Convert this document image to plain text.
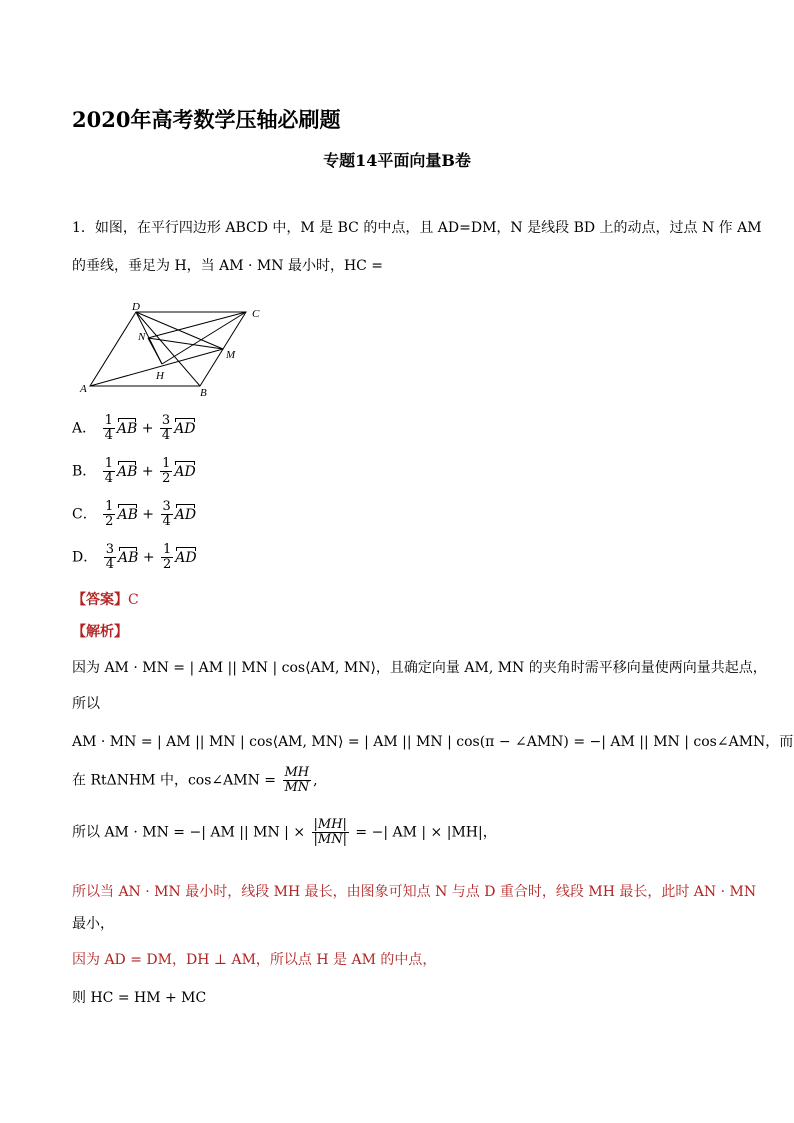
2020年高考数学压轴必刷题
专题14平面向量B卷
1．如图，在平行四边形 ABCD 中，M 是 BC 的中点，且 AD=DM，N 是线段 BD 上的动点，过点 N 作 AM
的垂线，垂足为 H，当 AM · MN 最小时，HC =
D
C
N
M
H
A	B
A． $\frac{1}{4}$ AB + $\frac{3}{4}$ AD
B． $\frac{1}{4}$ AB + $\frac{1}{2}$ AD
C． $\frac{1}{2}$ AB + $\frac{3}{4}$ AD
D． $\frac{3}{4}$ AB + $\frac{1}{2}$ AD
【答案】C
【解析】
因为 AM · MN = | AM || MN | cos⟨AM, MN⟩，且确定向量 AM, MN 的夹角时需平移向量使两向量共起点，
所以
AM · MN = | AM || MN | cos⟨AM, MN⟩ = | AM || MN | cos(π − ∠AMN) = −| AM || MN | cos∠AMN，而
在 RtΔNHM 中，cos∠AMN = $\frac{MH}{MN}$ ,
所以 AM · MN = −| AM || MN | × $\frac{|MH|}{|MN|}$ = −| AM | × |MH|，
所以当 AN · MN 最小时，线段 MH 最长，由图象可知点 N 与点 D 重合时，线段 MH 最长，此时 AN · MN
最小，
因为 AD = DM，DH ⊥ AM，所以点 H 是 AM 的中点，
则 HC = HM + MC
